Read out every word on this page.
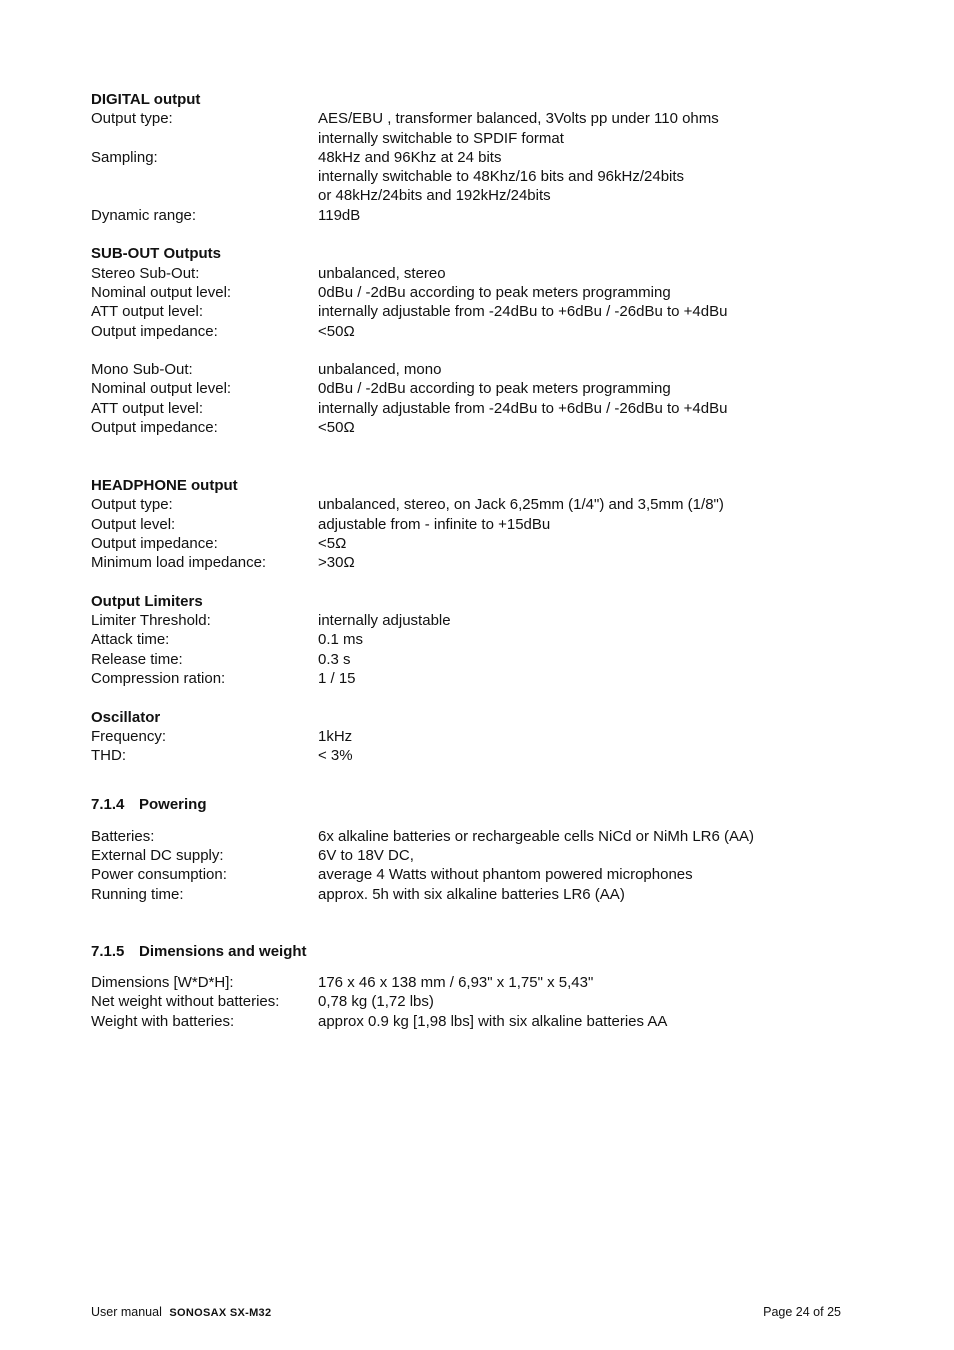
DIGITAL output
Output type:	AES/EBU , transformer balanced, 3Volts pp under 110 ohms
internally switchable to SPDIF format
Sampling:	48kHz and 96Khz at 24 bits
internally switchable to 48Khz/16 bits and 96kHz/24bits
or 48kHz/24bits and 192kHz/24bits
Dynamic range:	119dB
SUB-OUT Outputs
Stereo Sub-Out:	unbalanced, stereo
Nominal output level:	0dBu / -2dBu according to peak meters programming
ATT output level:	internally adjustable from -24dBu to +6dBu / -26dBu to +4dBu
Output impedance:	<50Ω
Mono Sub-Out:	unbalanced, mono
Nominal output level:	0dBu / -2dBu according to peak meters programming
ATT output level:	internally adjustable from -24dBu to +6dBu / -26dBu to +4dBu
Output impedance:	<50Ω
HEADPHONE output
Output type:	unbalanced, stereo, on Jack 6,25mm (1/4") and 3,5mm (1/8")
Output level:	adjustable from - infinite to +15dBu
Output impedance:	<5Ω
Minimum load impedance:	>30Ω
Output Limiters
Limiter Threshold:	internally adjustable
Attack time:	0.1 ms
Release time:	0.3 s
Compression ration:	1 / 15
Oscillator
Frequency:	1kHz
THD:	< 3%
7.1.4 Powering
Batteries:	6x alkaline batteries or rechargeable cells NiCd or NiMh LR6 (AA)
External DC supply:	6V to 18V DC,
Power consumption:	average 4 Watts without phantom powered microphones
Running time:	approx. 5h with six alkaline batteries LR6 (AA)
7.1.5 Dimensions and weight
Dimensions [W*D*H]:	176 x 46 x 138 mm / 6,93" x 1,75" x 5,43"
Net weight without batteries:	0,78 kg (1,72 lbs)
Weight with batteries:	approx 0.9 kg [1,98 lbs] with six alkaline batteries AA
User manual SONOSAX SX-M32	Page 24 of 25
